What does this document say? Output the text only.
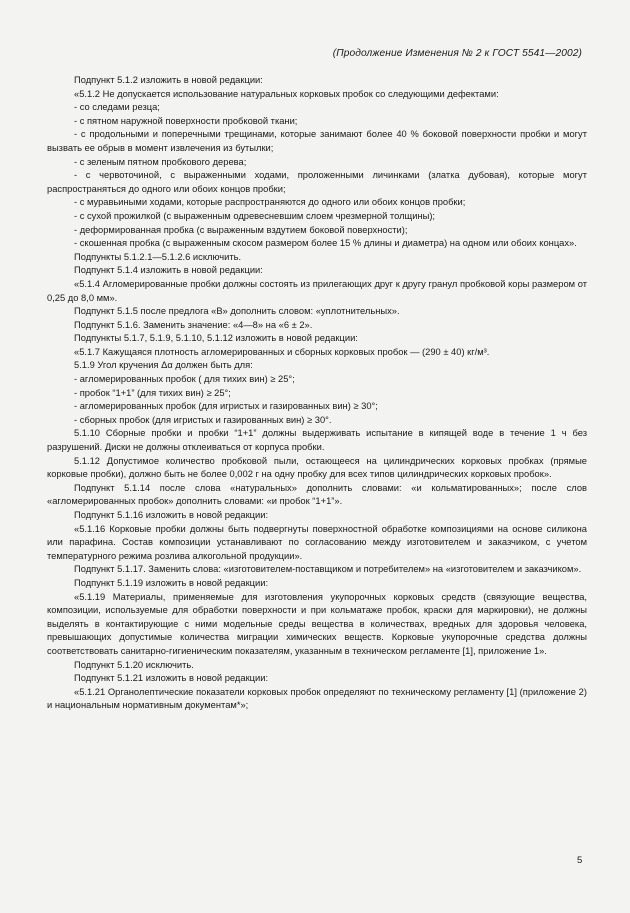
(Продолжение Изменения № 2 к ГОСТ 5541—2002)

Подпункт 5.1.2 изложить в новой редакции:

«5.1.2 Не допускается использование натуральных корковых пробок со следующими дефектами:

- со следами резца;

- с пятном наружной поверхности пробковой ткани;

- с продольными и поперечными трещинами, которые занимают более 40 % боковой поверхности пробки и могут вызвать ее обрыв в момент извлечения из бутылки;

- с зеленым пятном пробкового дерева;

- с червоточиной, с выраженными ходами, проложенными личинками (златка дубовая), которые могут распространяться до одного или обоих концов пробки;

- с муравьиными ходами, которые распространяются до одного или обоих концов пробки;

- с сухой прожилкой (с выраженным одревесневшим слоем чрезмерной толщины);

- деформированная пробка (с выраженным вздутием боковой поверхности);

- скошенная пробка (с выраженным скосом размером более 15 % длины и диаметра) на одном или обоих концах».

Подпункты 5.1.2.1—5.1.2.6 исключить.

Подпункт 5.1.4 изложить в новой редакции:

«5.1.4 Агломерированные пробки должны состоять из прилегающих друг к другу гранул пробковой коры размером от 0,25 до 8,0 мм».

Подпункт 5.1.5 после предлога «В» дополнить словом: «уплотнительных».

Подпункт 5.1.6. Заменить значение: «4—8» на «6 ± 2».

Подпункты 5.1.7, 5.1.9, 5.1.10, 5.1.12 изложить в новой редакции:

«5.1.7 Кажущаяся плотность агломерированных и сборных корковых пробок — (290 ± 40) кг/м³.

5.1.9 Угол кручения Δα должен быть для:

- агломерированных пробок ( для тихих вин) ≥ 25°;

- пробок “1+1” (для тихих вин) ≥ 25°;

- агломерированных пробок (для игристых и газированных вин) ≥ 30°;

- сборных пробок (для игристых и газированных вин) ≥ 30°.

5.1.10 Сборные пробки и пробки “1+1” должны выдерживать испытание в кипящей воде в течение 1 ч без разрушений. Диски не должны отклеиваться от корпуса пробки.

5.1.12 Допустимое количество пробковой пыли, остающееся на цилиндрических корковых пробках (прямые корковые пробки), должно быть не более 0,002 г на одну пробку для всех типов цилиндрических корковых пробок».

Подпункт 5.1.14 после слова «натуральных» дополнить словами: «и кольматированных»; после слов «агломерированных пробок» дополнить словами: «и пробок “1+1”».

Подпункт 5.1.16 изложить в новой редакции:

«5.1.16 Корковые пробки должны быть подвергнуты поверхностной обработке композициями на основе силикона или парафина. Состав композиции устанавливают по согласованию между изготовителем и заказчиком, с учетом температурного режима розлива алкогольной продукции».

Подпункт 5.1.17. Заменить слова: «изготовителем-поставщиком и потребителем» на «изготовителем и заказчиком».

Подпункт 5.1.19 изложить в новой редакции:

«5.1.19 Материалы, применяемые для изготовления укупорочных корковых средств (связующие вещества, композиции, используемые для обработки поверхности и при кольматаже пробок, краски для маркировки), не должны выделять в контактирующие с ними модельные среды вещества в количествах, вредных для здоровья человека, превышающих допустимые количества миграции химических веществ. Корковые укупорочные средства должны соответствовать санитарно-гигиеническим показателям, указанным в техническом регламенте [1], приложение 1».

Подпункт 5.1.20 исключить.

Подпункт 5.1.21 изложить в новой редакции:

«5.1.21 Органолептические показатели корковых пробок определяют по техническому регламенту [1] (приложение 2) и национальным нормативным документам*»;

5
